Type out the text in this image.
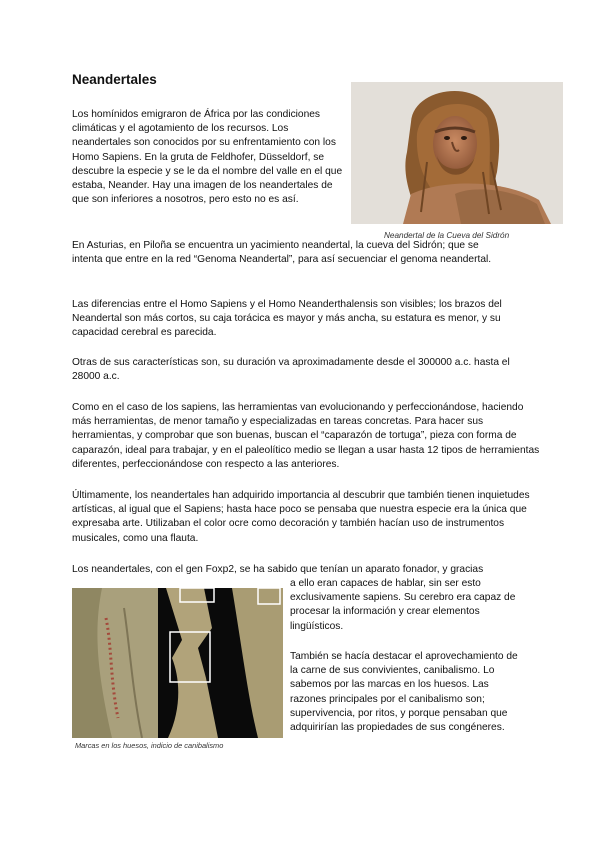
Neandertales

Los homínidos emigraron de África por las condiciones climáticas y el agotamiento de los recursos. Los neandertales son conocidos por su enfrentamiento con los Homo Sapiens. En la gruta de Feldhofer, Düsseldorf, se descubre la especie y se le da el nombre del valle en el que estaba, Neander. Hay una imagen de los neandertales de que son inferiores a nosotros, pero esto no es así.

Neandertal de la Cueva del Sidrón

En Asturias, en Piloña se encuentra un yacimiento neandertal, la cueva del Sidrón; que se intenta que entre en la red “Genoma Neandertal”, para así secuenciar el genoma neandertal.

Las diferencias entre el Homo Sapiens y el Homo Neanderthalensis son visibles; los brazos del Neandertal son más cortos, su caja torácica es mayor y más ancha, su estatura es menor, y su capacidad cerebral es parecida.

Otras de sus características son, su duración va aproximadamente desde el 300000 a.c. hasta el 28000 a.c.

Como en el caso de los sapiens, las herramientas van evolucionando y perfeccionándose, haciendo más herramientas, de menor tamaño y especializadas en tareas concretas. Para hacer sus herramientas, y comprobar que son buenas, buscan el “caparazón de tortuga”, pieza con forma de caparazón, ideal para trabajar, y en el paleolítico medio se llegan a usar hasta 12 tipos de herramientas diferentes, perfeccionándose con respecto a las anteriores.

Últimamente, los neandertales han adquirido importancia al descubrir que también tienen inquietudes artísticas, al igual que el Sapiens; hasta hace poco se pensaba que nuestra especie era la única que expresaba arte. Utilizaban el color ocre como decoración y también hacían uso de instrumentos musicales, como una flauta.

Los neandertales, con el gen Foxp2, se ha sabido que tenían un aparato fonador, y gracias

a ello eran capaces de hablar, sin ser esto exclusivamente sapiens. Su cerebro era capaz de procesar la información y crear elementos lingüísticos.

También se hacía destacar el aprovechamiento de la carne de sus convivientes, canibalismo. Lo sabemos por las marcas en los huesos. Las razones principales por el canibalismo son; supervivencia, por ritos, y porque pensaban que adquirirían las propiedades de sus congéneres.

Marcas en los huesos, indicio de canibalismo
